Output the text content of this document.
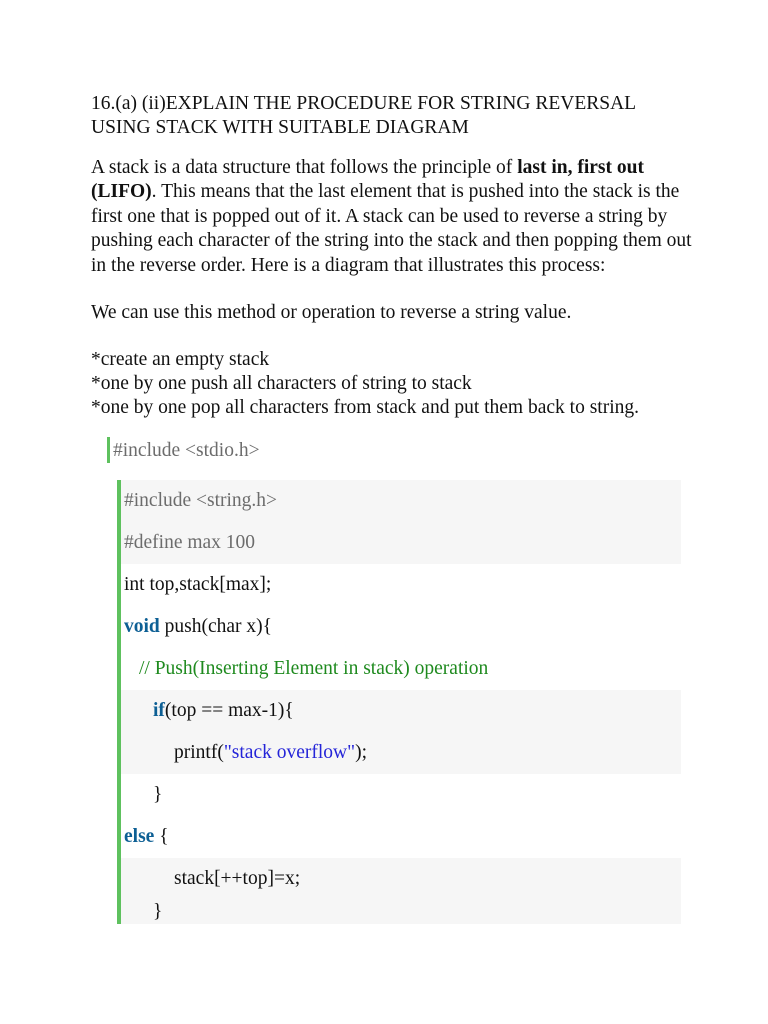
16.(a) (ii)EXPLAIN THE PROCEDURE FOR STRING REVERSAL
USING STACK WITH SUITABLE DIAGRAM

A stack is a data structure that follows the principle of last in, first out (LIFO). This means that the last element that is pushed into the stack is the first one that is popped out of it. A stack can be used to reverse a string by pushing each character of the string into the stack and then popping them out in the reverse order. Here is a diagram that illustrates this process:

We can use this method or operation to reverse a string value.

*create an empty stack
*one by one push all characters of string to stack
*one by one pop all characters from stack and put them back to string.
#include <stdio.h>

#include <string.h>

#define max 100

int top,stack[max];

void push(char x){

// Push(Inserting Element in stack) operation

if(top == max-1){

printf("stack overflow");

}

else {

stack[++top]=x;

}
